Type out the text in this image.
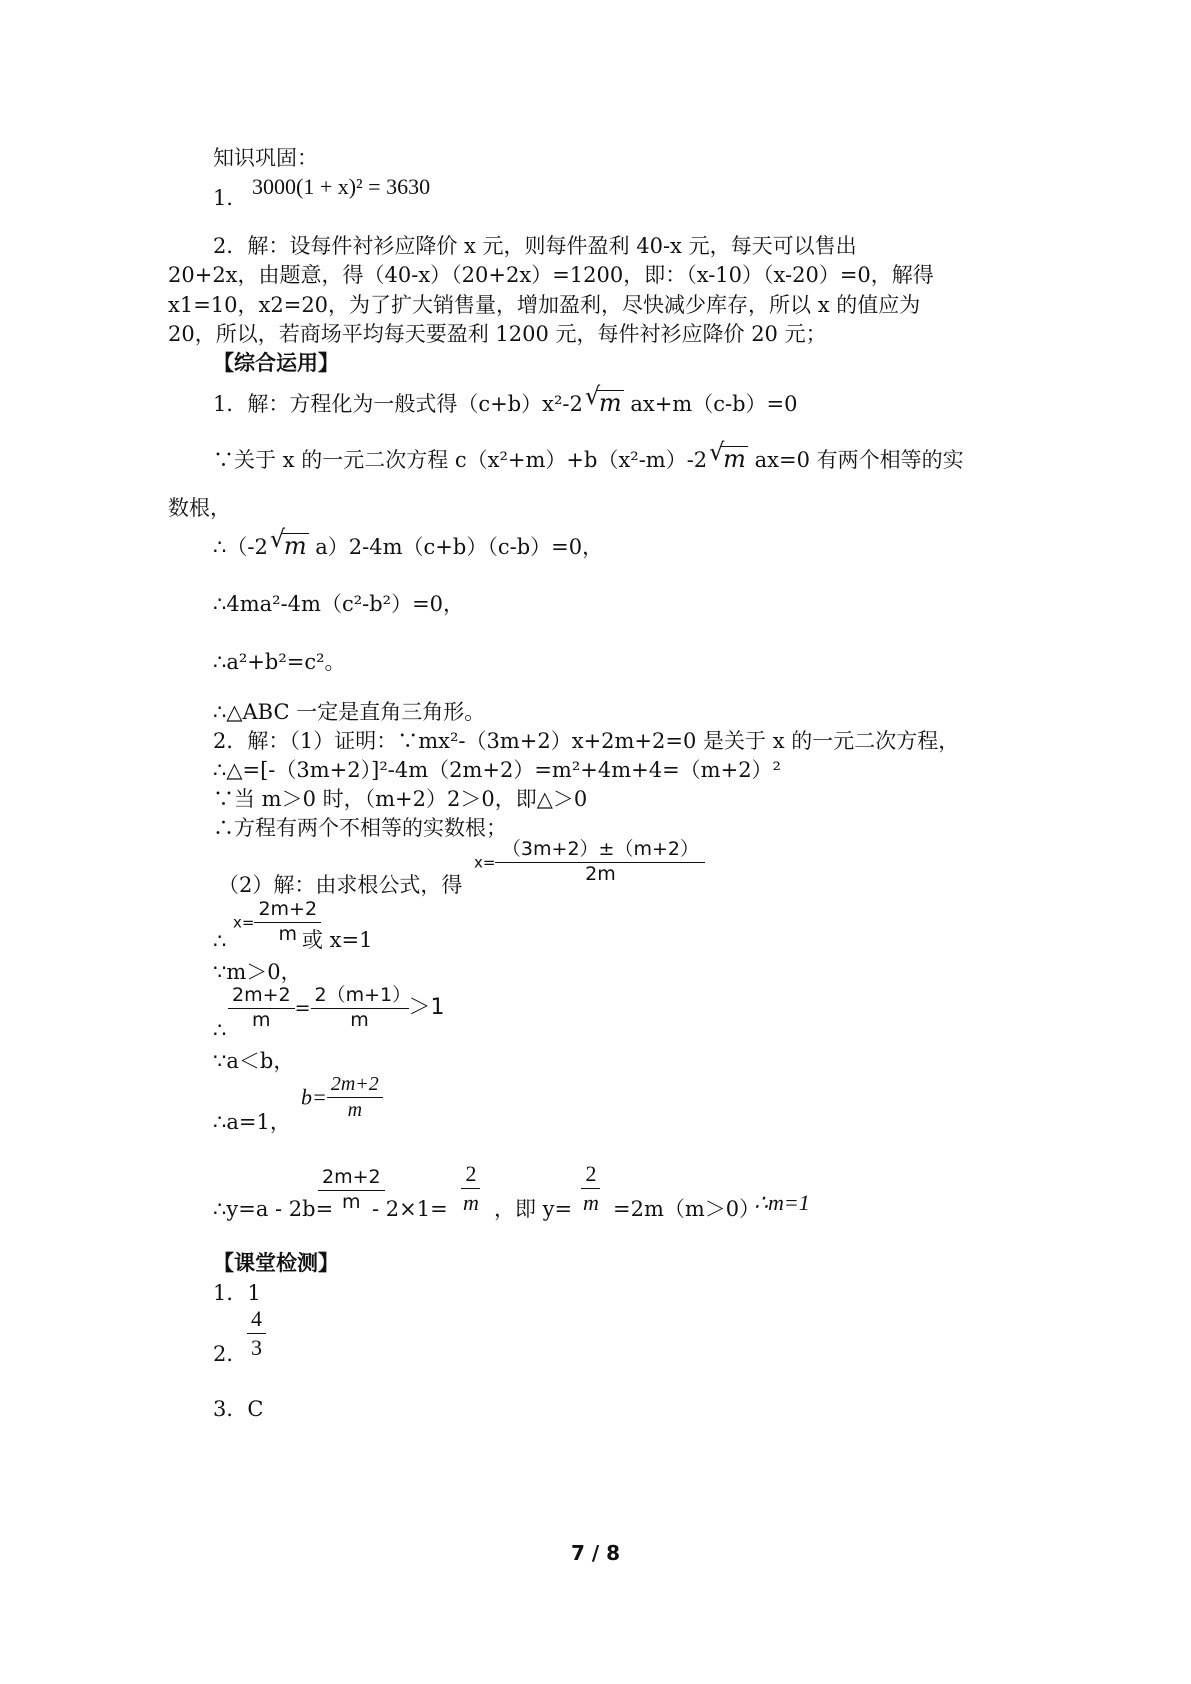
知识巩固：
1． 3000(1 + x)² = 3630
2．解：设每件衬衫应降价 x 元，则每件盈利 40-x 元，每天可以售出
20+2x，由题意，得（40-x）（20+2x）=1200，即：（x-10）（x-20）=0，解得
x1=10，x2=20，为了扩大销售量，增加盈利，尽快减少库存，所以 x 的值应为
20，所以，若商场平均每天要盈利 1200 元，每件衬衫应降价 20 元；
【综合运用】
1．解：方程化为一般式得（c+b）x²-2 √
m ax+m（c-b）=0
∵关于 x 的一元二次方程 c（x²+m）+b（x²-m）-2 √
m ax=0 有两个相等的实
数根，
∴（-2 √
m a）2-4m（c+b）（c-b）=0，
∴4ma²-4m（c²-b²）=0，
∴a²+b²=c²。
∴△ABC 一定是直角三角形。
2．解：（1）证明：∵mx²-（3m+2）x+2m+2=0 是关于 x 的一元二次方程，
∴△=[-（3m+2）]²-4m（2m+2）=m²+4m+4=（m+2）²
∵当 m＞0 时，（m+2）2＞0，即△＞0
∴方程有两个不相等的实数根；
（2）解：由求根公式，得
$x= \frac{(3m+2)\pm(m+2)}{2m}$
∴
$x= \frac{2m+2}{m}$
或 x=1
∵m＞0，
∴ $\frac{2m+2}{m} = \frac{2(m+1)}{m} >1$
∵a＜b，
∴a=1，
$b= \frac{2m+2}{m}$
∴y=a - 2b=
$\frac{2m+2}{m}$
- $2\times 1= \frac{2}{m}$ ，即 $y= \frac{2}{m} =2m(m>0)$
∴m=1
【课堂检测】
1．1
2． $\frac{4}{3}$
3．C
7 / 8
